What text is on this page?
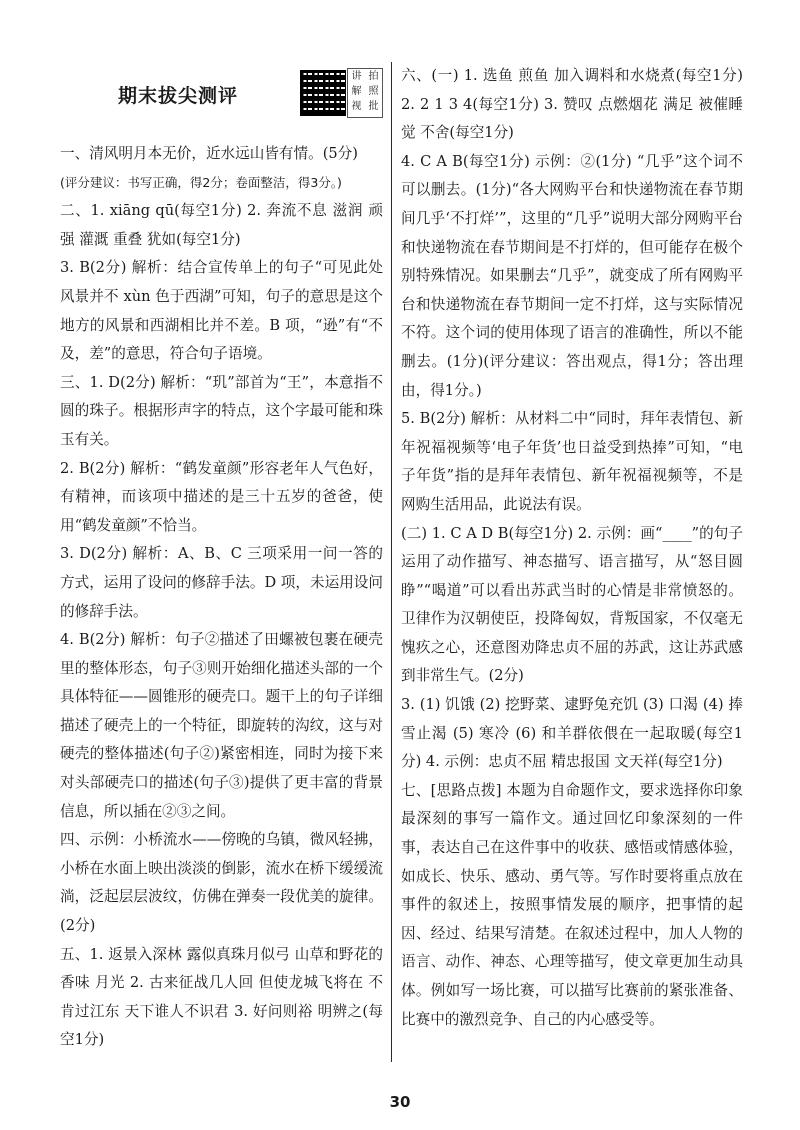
期末拔尖测评
讲 拍
解 照
视 批

一、清风明月本无价，近水远山皆有情。(5分)

(评分建议：书写正确，得2分；卷面整洁，得3分。)

二、1. xiāng qū(每空1分) 2. 奔流不息 滋润 顽强 灌溉 重叠 犹如(每空1分)

3. B(2分) 解析：结合宣传单上的句子“可见此处风景并不 xùn 色于西湖”可知，句子的意思是这个地方的风景和西湖相比并不差。B 项，“逊”有“不及，差”的意思，符合句子语境。

三、1. D(2分) 解析：“玑”部首为“王”，本意指不圆的珠子。根据形声字的特点，这个字最可能和珠玉有关。

2. B(2分) 解析：“鹤发童颜”形容老年人气色好，有精神，而该项中描述的是三十五岁的爸爸，使用“鹤发童颜”不恰当。

3. D(2分) 解析：A、B、C 三项采用一问一答的方式，运用了设问的修辞手法。D 项，未运用设问的修辞手法。

4. B(2分) 解析：句子②描述了田螺被包裹在硬壳里的整体形态，句子③则开始细化描述头部的一个具体特征——圆锥形的硬壳口。题干上的句子详细描述了硬壳上的一个特征，即旋转的沟纹，这与对硬壳的整体描述(句子②)紧密相连，同时为接下来对头部硬壳口的描述(句子③)提供了更丰富的背景信息，所以插在②③之间。

四、示例：小桥流水——傍晚的乌镇，微风轻拂，小桥在水面上映出淡淡的倒影，流水在桥下缓缓流淌，泛起层层波纹，仿佛在弹奏一段优美的旋律。(2分)

五、1. 返景入深林 露似真珠月似弓 山草和野花的香味 月光 2. 古来征战几人回 但使龙城飞将在 不肯过江东 天下谁人不识君 3. 好问则裕 明辨之(每空1分)

六、(一) 1. 选鱼 煎鱼 加入调料和水烧煮(每空1分) 2. 2 1 3 4(每空1分) 3. 赞叹 点燃烟花 满足 被催睡觉 不舍(每空1分)

4. C A B(每空1分) 示例：②(1分) “几乎”这个词不可以删去。(1分)“各大网购平台和快递物流在春节期间几乎‘不打烊’”，这里的“几乎”说明大部分网购平台和快递物流在春节期间是不打烊的，但可能存在极个别特殊情况。如果删去“几乎”，就变成了所有网购平台和快递物流在春节期间一定不打烊，这与实际情况不符。这个词的使用体现了语言的准确性，所以不能删去。(1分)(评分建议：答出观点，得1分；答出理由，得1分。)

5. B(2分) 解析：从材料二中“同时，拜年表情包、新年祝福视频等‘电子年货’也日益受到热捧”可知，“电子年货”指的是拜年表情包、新年祝福视频等，不是网购生活用品，此说法有误。

(二) 1. C A D B(每空1分) 2. 示例：画“____”的句子运用了动作描写、神态描写、语言描写，从“怒目圆睁”“喝道”可以看出苏武当时的心情是非常愤怒的。卫律作为汉朝使臣，投降匈奴，背叛国家，不仅毫无愧疚之心，还意图劝降忠贞不屈的苏武，这让苏武感到非常生气。(2分)

3. (1) 饥饿 (2) 挖野菜、逮野兔充饥 (3) 口渴 (4) 捧雪止渴 (5) 寒冷 (6) 和羊群依偎在一起取暖(每空1分) 4. 示例：忠贞不屈 精忠报国 文天祥(每空1分)

七、[思路点拨] 本题为自命题作文，要求选择你印象最深刻的事写一篇作文。通过回忆印象深刻的一件事，表达自己在这件事中的收获、感悟或情感体验，如成长、快乐、感动、勇气等。写作时要将重点放在事件的叙述上，按照事情发展的顺序，把事情的起因、经过、结果写清楚。在叙述过程中，加人人物的语言、动作、神态、心理等描写，使文章更加生动具体。例如写一场比赛，可以描写比赛前的紧张准备、比赛中的激烈竞争、自己的内心感受等。

30
